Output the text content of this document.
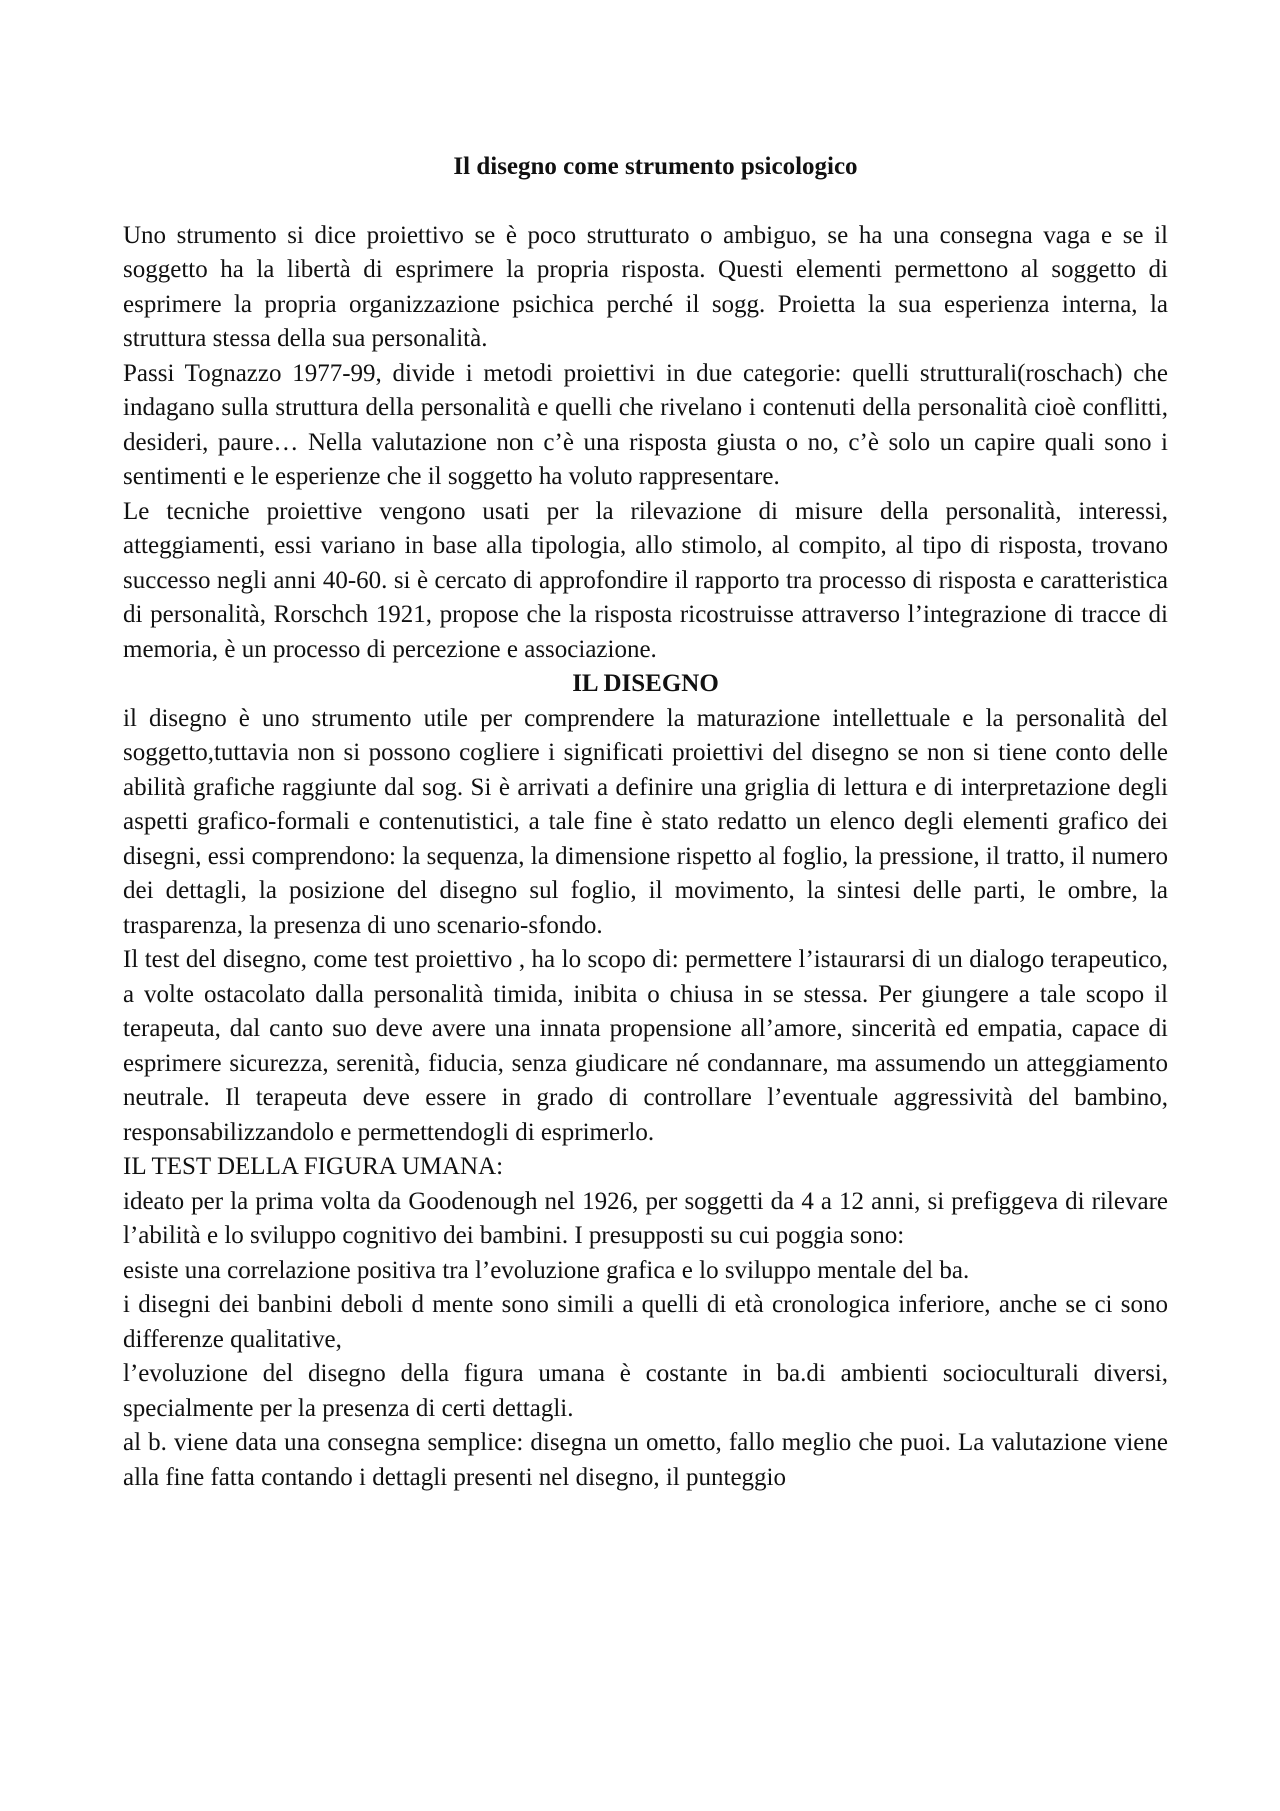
Il disegno come strumento psicologico

Uno strumento si dice proiettivo se è poco strutturato o ambiguo, se ha una consegna vaga e se il soggetto ha la libertà di esprimere la propria risposta. Questi elementi permettono al soggetto di esprimere la propria organizzazione psichica perché il sogg. Proietta la sua esperienza interna, la struttura stessa della sua personalità.

Passi Tognazzo 1977-99, divide i metodi proiettivi in due categorie: quelli strutturali(roschach) che indagano sulla struttura della personalità e quelli che rivelano i contenuti della personalità cioè conflitti, desideri, paure… Nella valutazione non c’è una risposta giusta o no, c’è solo un capire quali sono i sentimenti e le esperienze che il soggetto ha voluto rappresentare.

Le tecniche proiettive vengono usati per la rilevazione di misure della personalità, interessi, atteggiamenti, essi variano in base alla tipologia, allo stimolo, al compito, al tipo di risposta, trovano successo negli anni 40-60. si è cercato di approfondire il rapporto tra processo di risposta e caratteristica di personalità, Rorschch 1921, propose che la risposta ricostruisse attraverso l’integrazione di tracce di memoria, è un processo di percezione e associazione.

IL DISEGNO

il disegno è uno strumento utile per comprendere la maturazione intellettuale e la personalità del soggetto,tuttavia non si possono cogliere i significati proiettivi del disegno se non si tiene conto delle abilità grafiche raggiunte dal sog. Si è arrivati a definire una griglia di lettura e di interpretazione degli aspetti grafico-formali e contenutistici, a tale fine è stato redatto un elenco degli elementi grafico dei disegni, essi comprendono: la sequenza, la dimensione rispetto al foglio, la pressione, il tratto, il numero dei dettagli, la posizione del disegno sul foglio, il movimento, la sintesi delle parti, le ombre, la trasparenza, la presenza di uno scenario-sfondo.

Il test del disegno, come test proiettivo , ha lo scopo di: permettere l’istaurarsi di un dialogo terapeutico, a volte ostacolato dalla personalità timida, inibita o chiusa in se stessa. Per giungere a tale scopo il terapeuta, dal canto suo deve avere una innata propensione all’amore, sincerità ed empatia, capace di esprimere sicurezza, serenità, fiducia, senza giudicare né condannare, ma assumendo un atteggiamento neutrale. Il terapeuta deve essere in grado di controllare l’eventuale aggressività del bambino, responsabilizzandolo e permettendogli di esprimerlo.

IL TEST DELLA FIGURA UMANA:

ideato per la prima volta da Goodenough nel 1926, per soggetti da 4 a 12 anni, si prefiggeva di rilevare l’abilità e lo sviluppo cognitivo dei bambini. I presupposti su cui poggia sono:

esiste una correlazione positiva tra l’evoluzione grafica e lo sviluppo mentale del ba.

i disegni dei banbini deboli d mente sono simili a quelli di età cronologica inferiore, anche se ci sono differenze qualitative,

l’evoluzione del disegno della figura umana è costante in ba.di ambienti socioculturali diversi, specialmente per la presenza di certi dettagli.

al b. viene data una consegna semplice: disegna un ometto, fallo meglio che puoi. La valutazione viene alla fine fatta contando i dettagli presenti nel disegno, il punteggio
